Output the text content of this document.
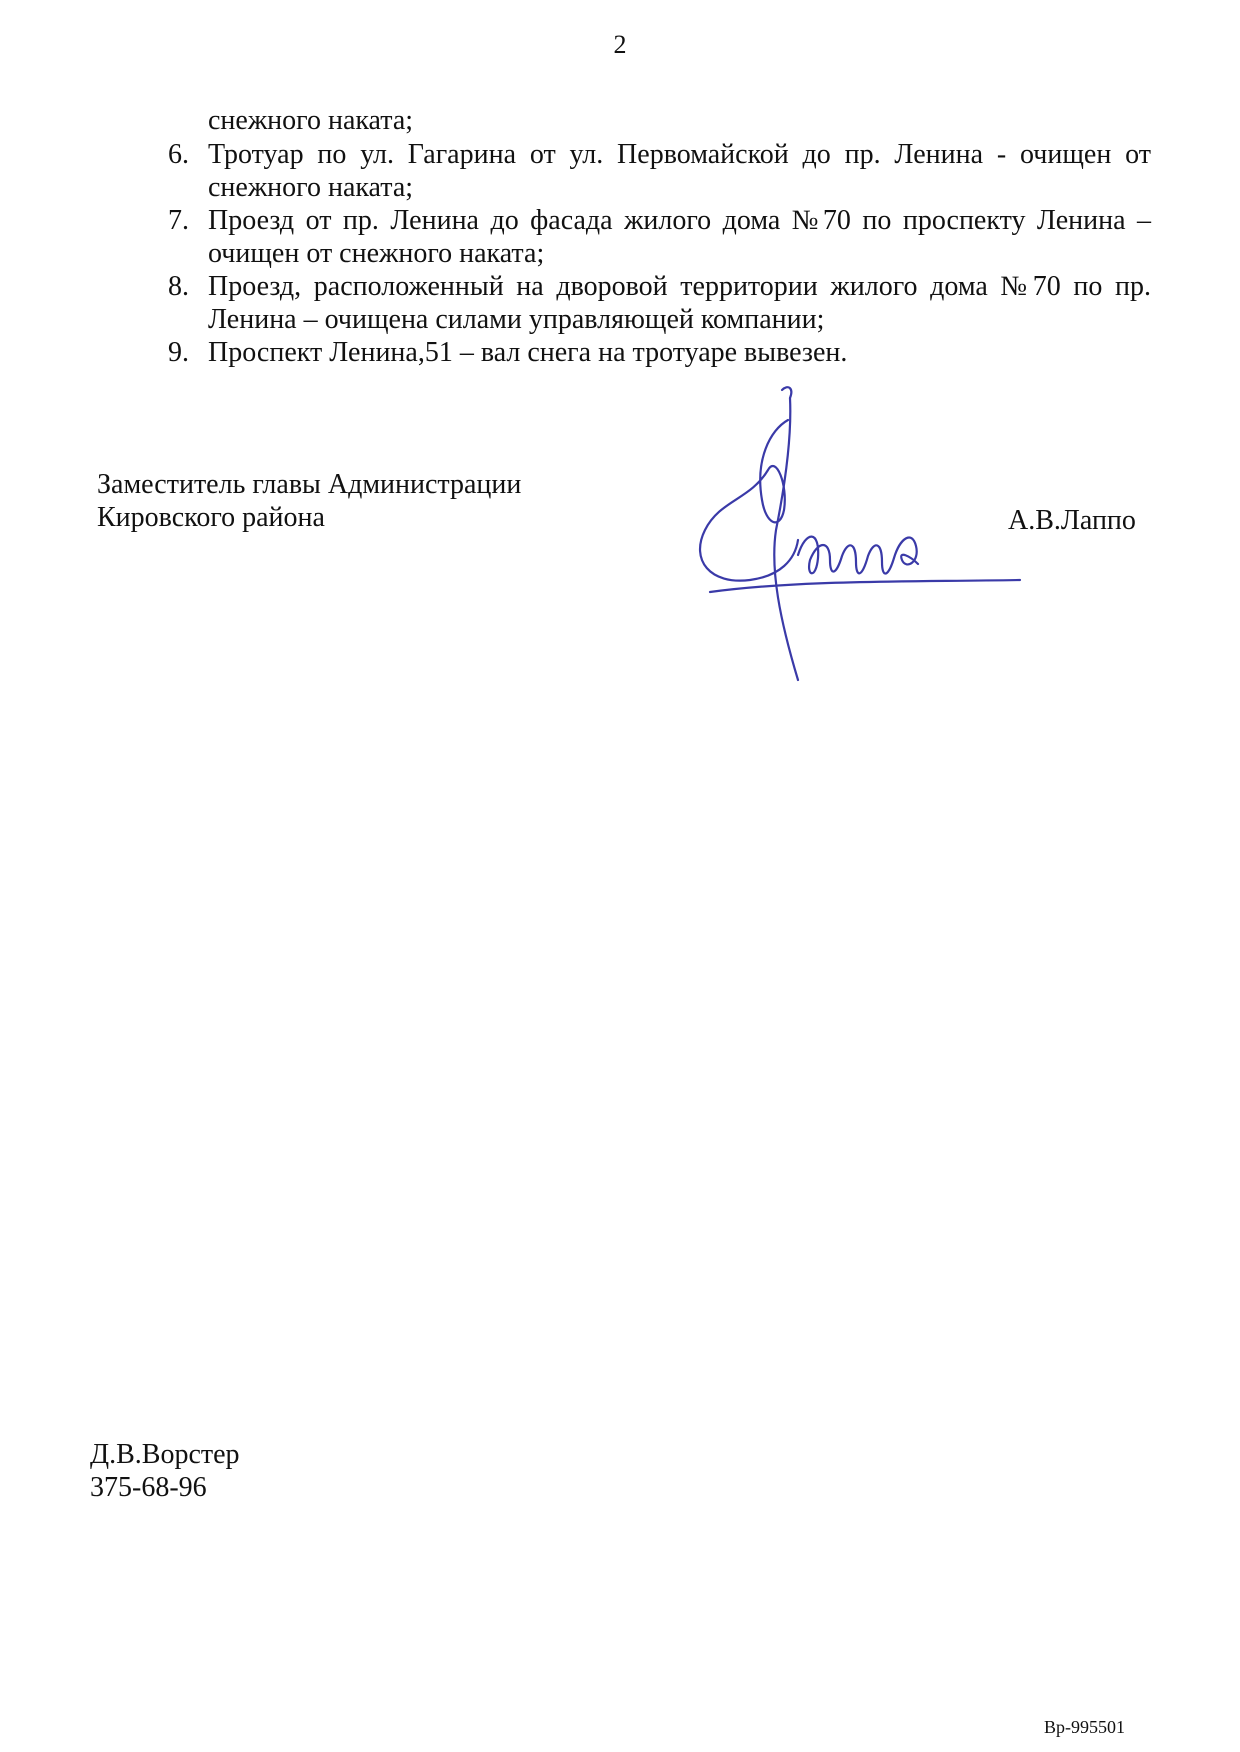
2
снежного наката;
6. Тротуар по ул. Гагарина от ул. Первомайской до пр. Ленина - очищен от снежного наката;
7. Проезд от пр. Ленина до фасада жилого дома №70 по проспекту Ленина – очищен от снежного наката;
8. Проезд, расположенный на дворовой территории жилого дома №70 по пр. Ленина – очищена силами управляющей компании;
9. Проспект Ленина,51 – вал снега на тротуаре вывезен.
Заместитель главы Администрации
Кировского района	А.В.Лаппо
Д.В.Ворстер
375-68-96
Вр-995501
